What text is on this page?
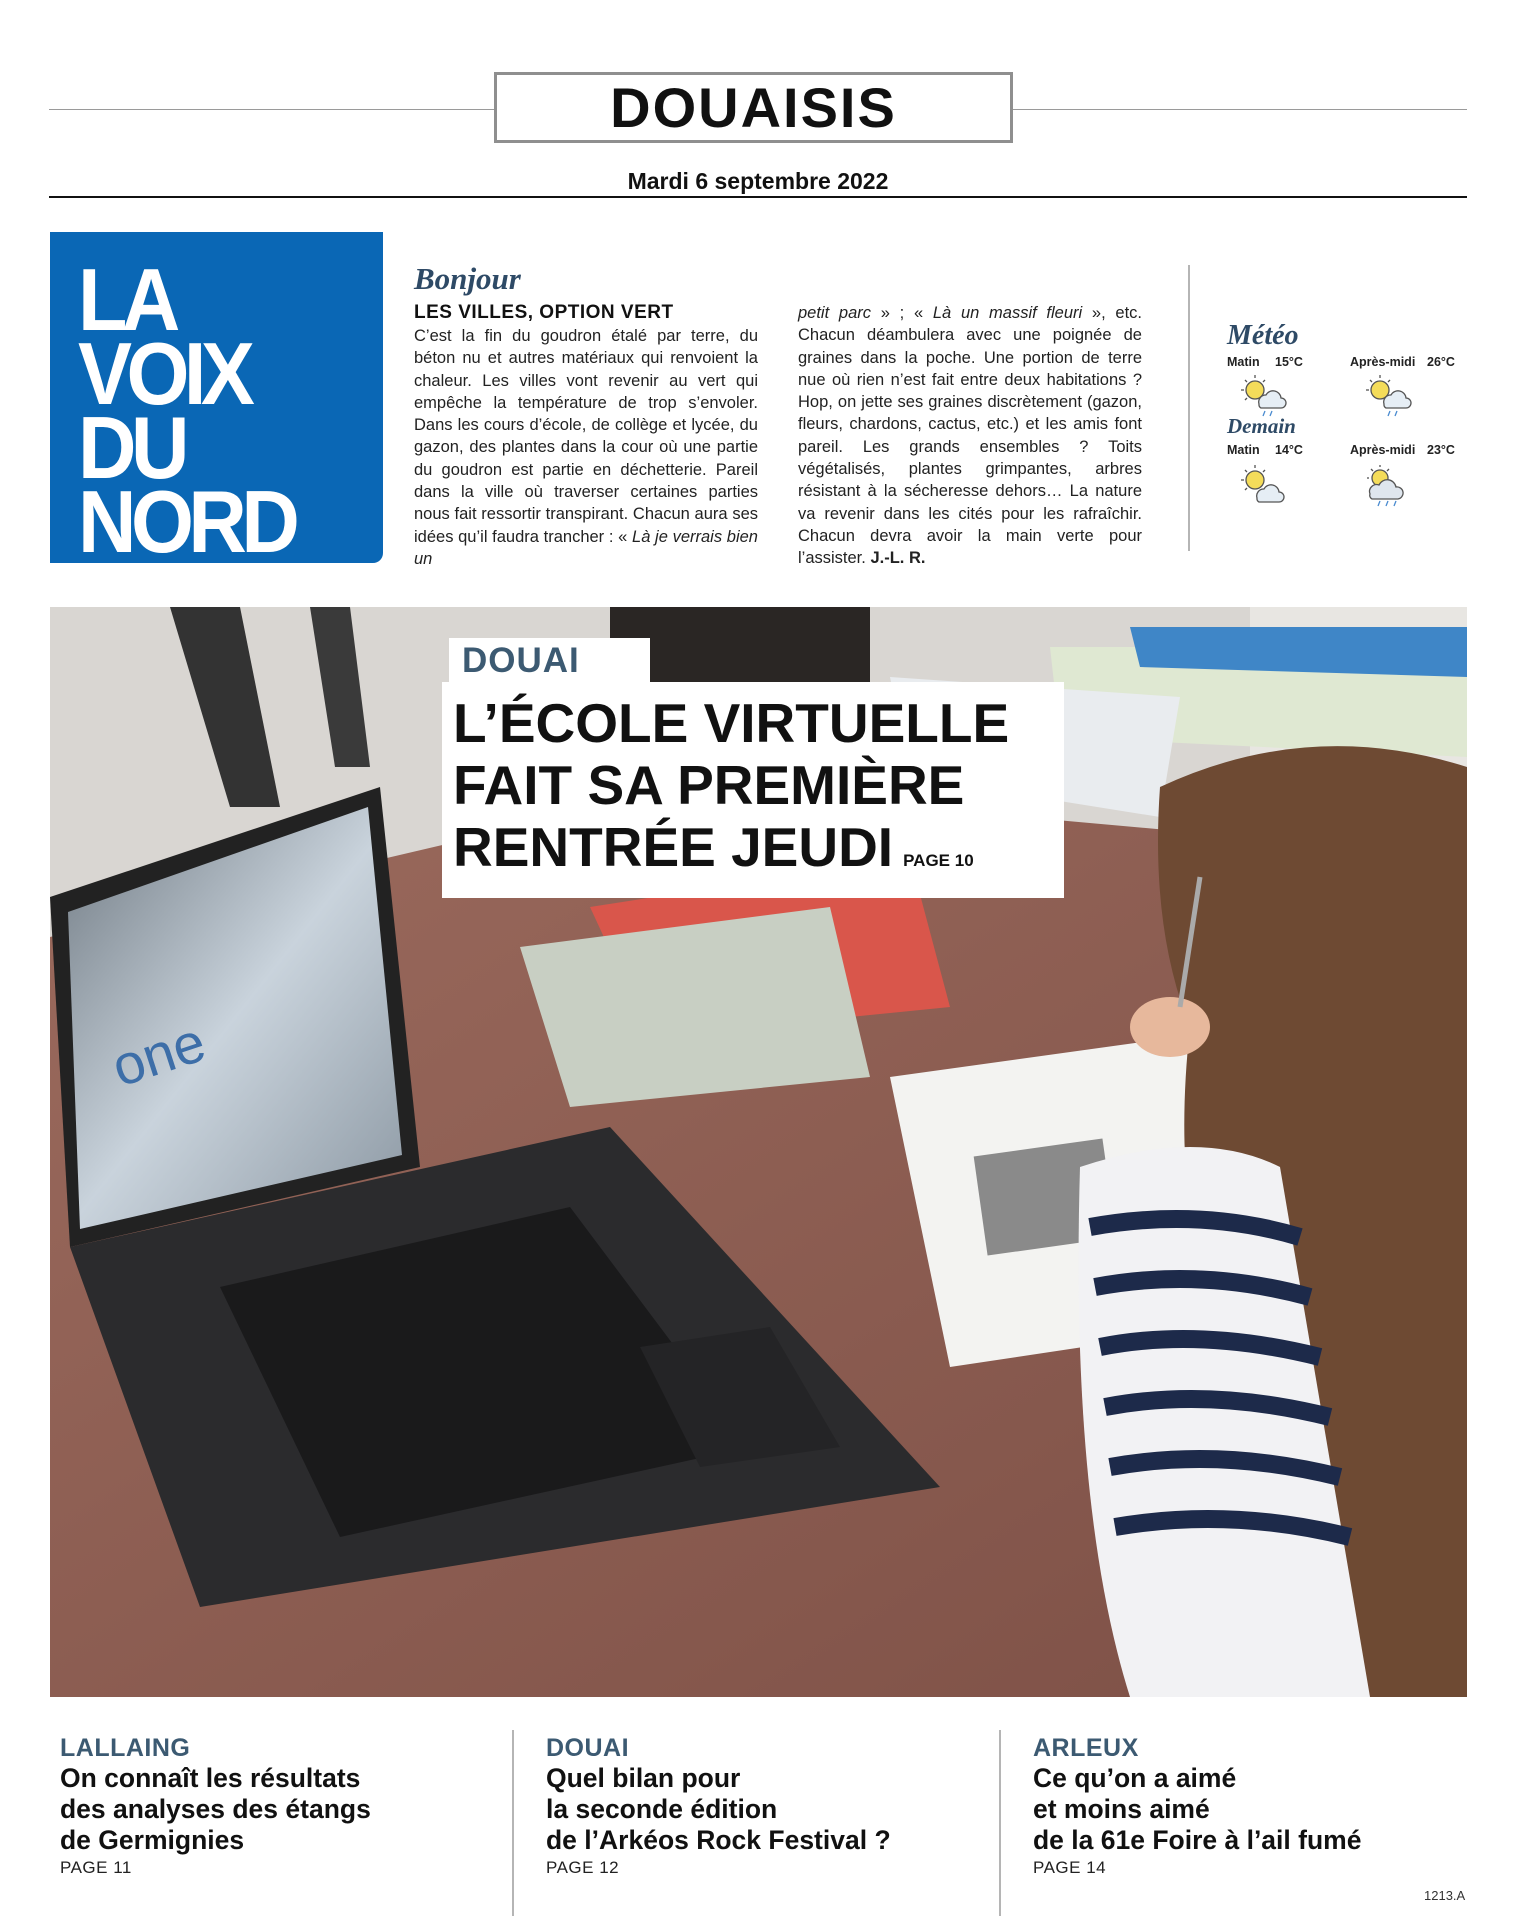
DOUAISIS
Mardi 6 septembre 2022
LA
VOIX
DU
NORD
Bonjour
LES VILLES, OPTION VERT
C’est la fin du goudron étalé par terre, du béton nu et autres matériaux qui renvoient la chaleur. Les villes vont revenir au vert qui empêche la température de trop s’envoler. Dans les cours d’école, de collège et lycée, du gazon, des plantes dans la cour où une partie du goudron est partie en déchetterie. Pareil dans la ville où traverser certaines parties nous fait ressortir transpirant. Chacun aura ses idées qu’il faudra trancher : « Là je verrais bien un
petit parc » ; « Là un massif fleuri », etc. Chacun déambulera avec une poignée de graines dans la poche. Une portion de terre nue où rien n’est fait entre deux habitations ? Hop, on jette ses graines discrètement (gazon, fleurs, chardons, cactus, etc.) et les amis font pareil. Les grands ensembles ? Toits végétalisés, plantes grimpantes, arbres résistant à la sécheresse dehors… La nature va revenir dans les cités pour les rafraîchir. Chacun devra avoir la main verte pour l’assister. J.-L. R.
Météo
Matin 15°C	Après-midi 26°C
Demain
Matin 14°C	Après-midi 23°C
one
DOUAI
L’ÉCOLE VIRTUELLE
FAIT SA PREMIÈRE
RENTRÉE JEUDI PAGE 10
LALLAING
On connaît les résultats
des analyses des étangs
de Germignies
PAGE 11
DOUAI
Quel bilan pour
la seconde édition
de l’Arkéos Rock Festival ?
PAGE 12
ARLEUX
Ce qu’on a aimé
et moins aimé
de la 61e Foire à l’ail fumé
PAGE 14
1213.A
